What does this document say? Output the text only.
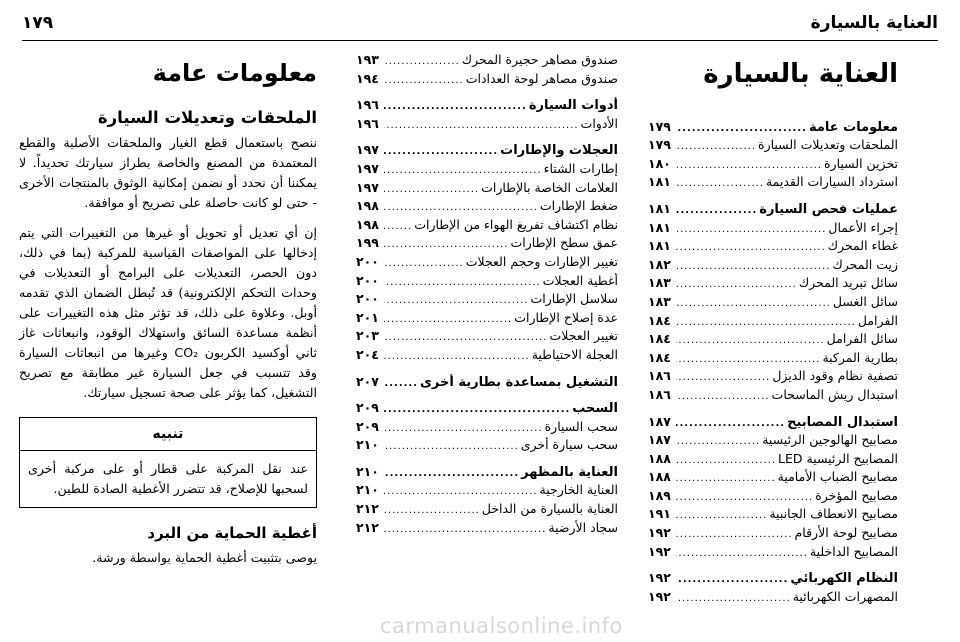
العناية بالسيارة
١٧٩
العناية بالسيارة
معلومات عامة
.....
١٧٩
الملحقات وتعديلات السيارة
.....
١٧٩
تخزين السيارة
.....
١٨٠
استرداد السيارات القديمة
.....
١٨١
عمليات فحص السيارة
.....
١٨١
إجراء الأعمال
.....
١٨١
غطاء المحرك
.....
١٨١
زيت المحرك
.....
١٨٢
سائل تبريد المحرك
.....
١٨٣
سائل الغسل
.....
١٨٣
الفرامل
.....
١٨٤
سائل الفرامل
.....
١٨٤
بطارية المركبة
.....
١٨٤
تصفية نظام وقود الديزل
.....
١٨٦
استبدال ريش الماسحات
.....
١٨٦
استبدال المصابيح
.....
١٨٧
مصابيح الهالوجين الرئيسية
.....
١٨٧
المصابيح الرئيسية LED
.....
١٨٨
مصابيح الضباب الأمامية
.....
١٨٨
مصابيح المؤخرة
.....
١٨٩
مصابيح الانعطاف الجانبية
.....
١٩١
مصابيح لوحة الأرقام
.....
١٩٢
المصابيح الداخلية
.....
١٩٢
النظام الكهربائي
.....
١٩٢
المصهرات الكهربائية
.....
١٩٢
صندوق مصاهر حجيرة المحرك
.....
١٩٣
صندوق مصاهر لوحة العدادات
.....
١٩٤
أدوات السيارة
.....
١٩٦
الأدوات
.....
١٩٦
العجلات والإطارات
.....
١٩٧
إطارات الشتاء
.....
١٩٧
العلامات الخاصة بالإطارات
.....
١٩٧
ضغط الإطارات
.....
١٩٨
نظام اكتشاف تفريغ الهواء من الإطارات
.....
١٩٨
عمق سطح الإطارات
.....
١٩٩
تغيير الإطارات وحجم العجلات
.....
٢٠٠
أغطية العجلات
.....
٢٠٠
سلاسل الإطارات
.....
٢٠٠
عدة إصلاح الإطارات
.....
٢٠١
تغيير العجلات
.....
٢٠٣
العجلة الاحتياطية
.....
٢٠٤
التشغيل بمساعدة بطارية أخرى
.....
٢٠٧
السحب
.....
٢٠٩
سحب السيارة
.....
٢٠٩
سحب سيارة أخرى
.....
٢١٠
العناية بالمظهر
.....
٢١٠
العناية الخارجية
.....
٢١٠
العناية بالسيارة من الداخل
.....
٢١٢
سجاد الأرضية
.....
٢١٢
معلومات عامة
الملحقات وتعديلات السيارة

ننصح باستعمال قطع الغيار والملحقات الأصلية والقطع المعتمدة من المصنع والخاصة بطراز سيارتك تحديداً. لا يمكننا أن نحدد أو نضمن إمكانية الوثوق بالمنتجات الأخرى - حتى لو كانت حاصلة على تصريح أو موافقة.

إن أي تعديل أو تحويل أو غيرها من التغييرات التي يتم إدخالها على المواصفات القياسية للمركبة (بما في ذلك، دون الحصر، التعديلات على البرامج أو التعديلات في وحدات التحكم الإلكترونية) قد تُبطل الضمان الذي تقدمه أوبل. وعلاوة على ذلك، قد تؤثر مثل هذه التغييرات على أنظمة مساعدة السائق واستهلاك الوقود، وانبعاثات غاز ثاني أوكسيد الكربون CO₂ وغيرها من انبعاثات السيارة وقد تتسبب في جعل السيارة غير مطابقة مع تصريح التشغيل، كما يؤثر على صحة تسجيل سيارتك.

تنبيه
عند نقل المركبة على قطار أو على مركبة أخرى لسحبها للإصلاح، قد تتضرر الأغطية الصادة للطين.
أغطية الحماية من البرد

يوصى بتثبيت أغطية الحماية بواسطة ورشة.

carmanualsonline.info
